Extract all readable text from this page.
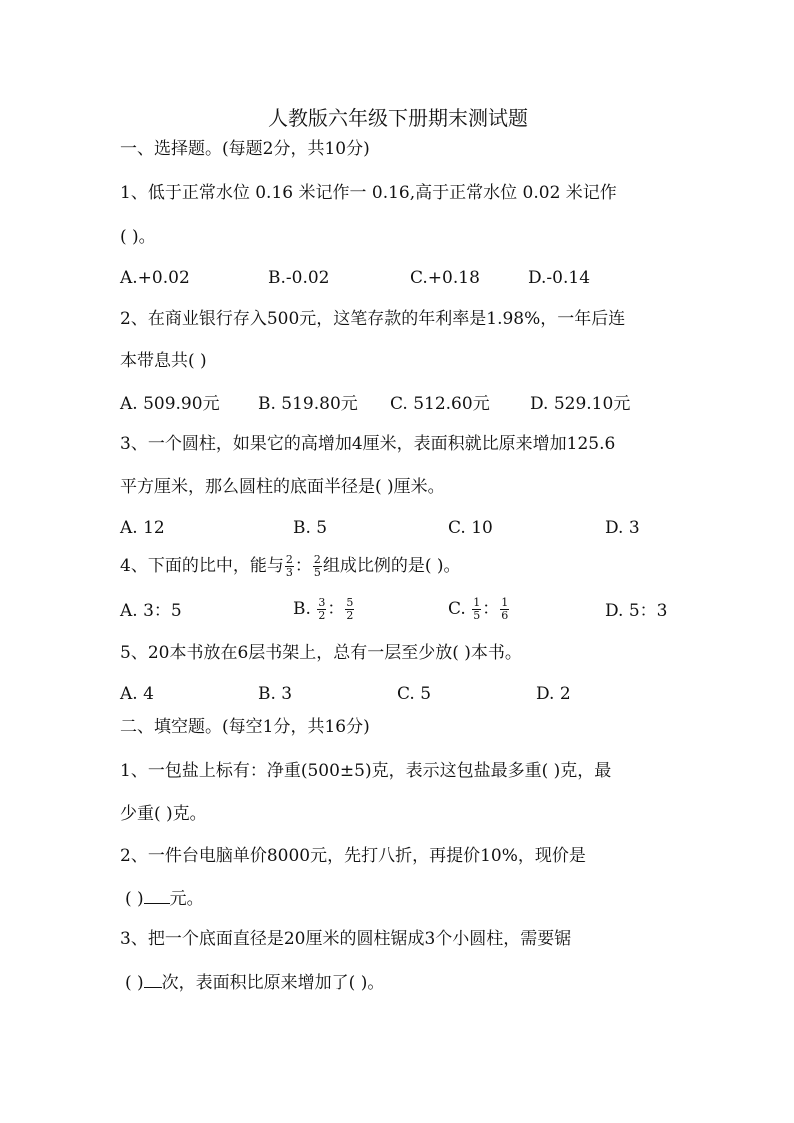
人教版六年级下册期末测试题
一、选择题。(每题2分，共10分)
1、低于正常水位 0.16 米记作一 0.16,高于正常水位 0.02 米记作
( )。
A.+0.02	B.-0.02	C.+0.18	D.-0.14
2、在商业银行存入500元，这笔存款的年利率是1.98%，一年后连
本带息共( )
A. 509.90元 B. 519.80元 C. 512.60元 D. 529.10元
3、一个圆柱，如果它的高增加4厘米，表面积就比原来增加125.6
平方厘米，那么圆柱的底面半径是( )厘米。
A. 12	B. 5	C. 10	D. 3
4、下面的比中，能与 $\frac{2}{3}$ ： $\frac{2}{5}$ 组成比例的是( )。
A. 3：5	B. $\frac{3}{2}$ ： $\frac{5}{2}$	C. $\frac{1}{5}$ ： $\frac{1}{6}$	D. 5：3
5、20本书放在6层书架上，总有一层至少放( )本书。
A. 4	B. 3	C. 5	D. 2
二、填空题。(每空1分，共16分)
1、一包盐上标有：净重(500±5)克，表示这包盐最多重( )克，最
少重( )克。
2、一件台电脑单价8000元，先打八折，再提价10%，现价是
( ) 元。
3、把一个底面直径是20厘米的圆柱锯成3个小圆柱，需要锯
( ) 次，表面积比原来增加了( )。
